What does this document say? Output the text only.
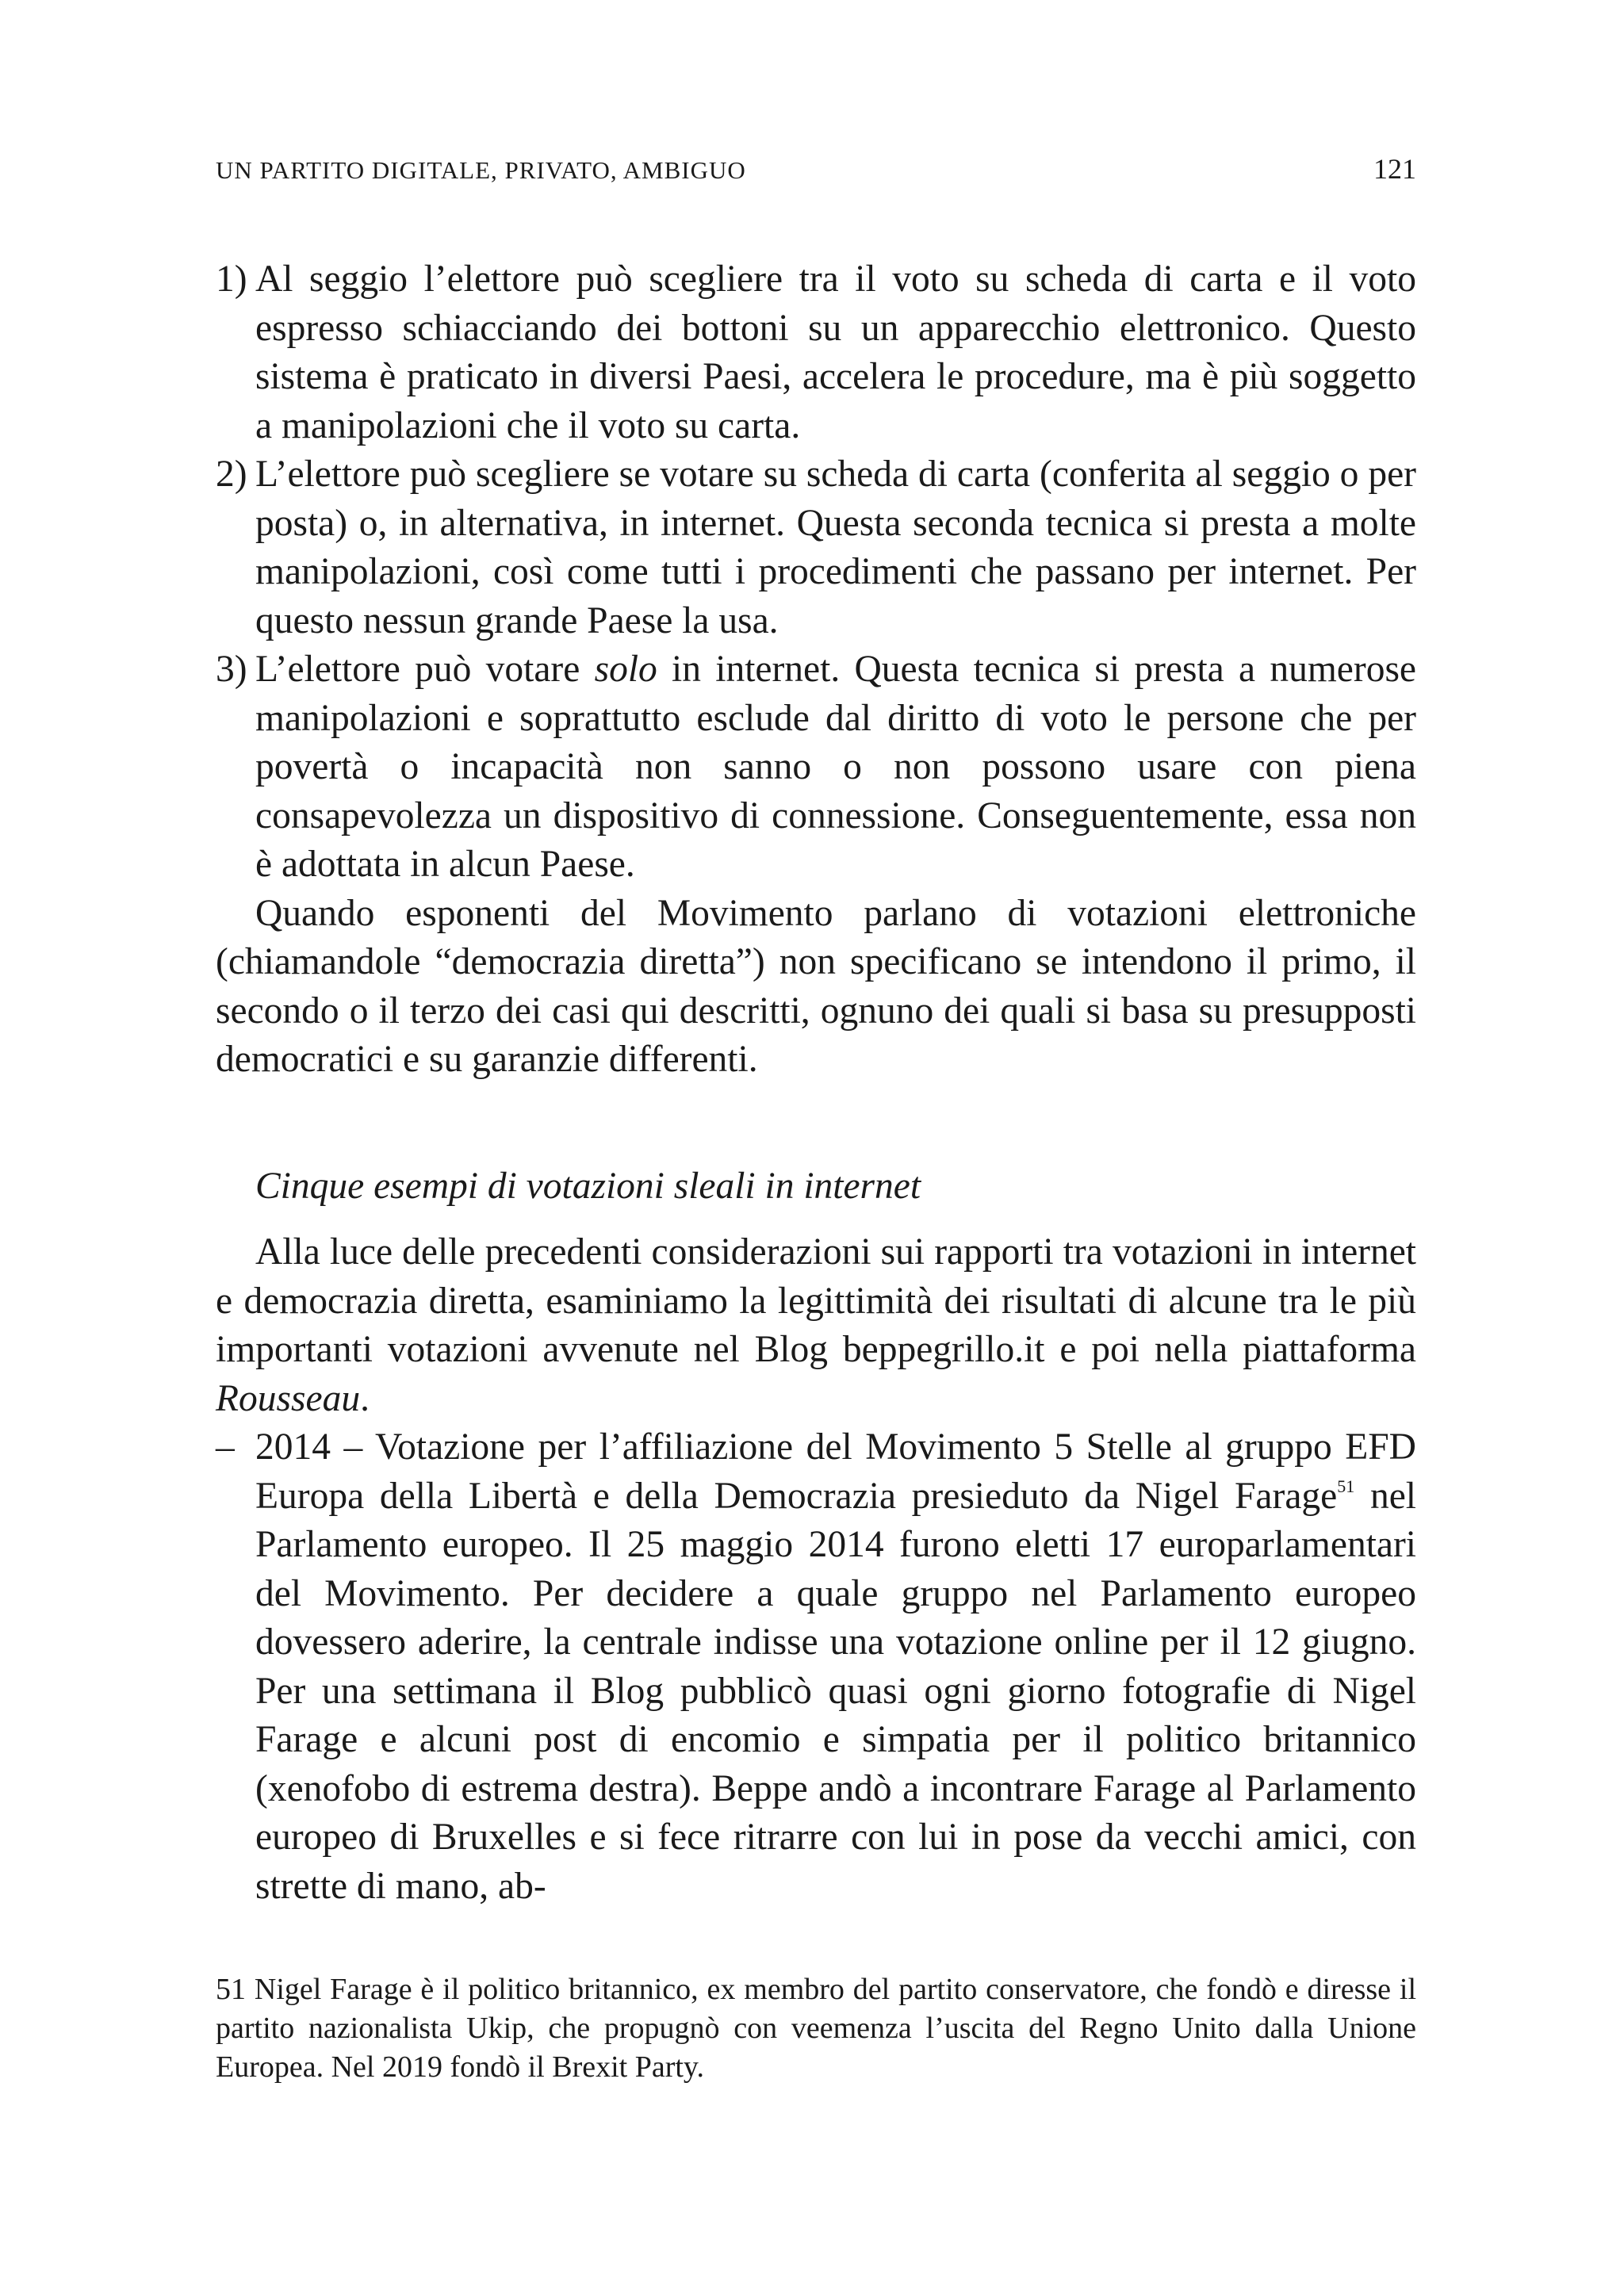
UN PARTITO DIGITALE, PRIVATO, AMBIGUO	121

1) Al seggio l’elettore può scegliere tra il voto su scheda di carta e il voto espresso schiacciando dei bottoni su un apparecchio elettronico. Questo sistema è praticato in diversi Paesi, accelera le procedure, ma è più soggetto a manipolazioni che il voto su carta.

2) L’elettore può scegliere se votare su scheda di carta (conferita al seggio o per posta) o, in alternativa, in internet. Questa seconda tecnica si presta a molte manipolazioni, così come tutti i procedimenti che passano per internet. Per questo nessun grande Paese la usa.

3) L’elettore può votare solo in internet. Questa tecnica si presta a numerose manipolazioni e soprattutto esclude dal diritto di voto le persone che per povertà o incapacità non sanno o non possono usare con piena consapevolezza un dispositivo di connessione. Conseguentemente, essa non è adottata in alcun Paese.

Quando esponenti del Movimento parlano di votazioni elettroniche (chiamandole “democrazia diretta”) non specificano se intendono il primo, il secondo o il terzo dei casi qui descritti, ognuno dei quali si basa su presupposti democratici e su garanzie differenti.

Cinque esempi di votazioni sleali in internet

Alla luce delle precedenti considerazioni sui rapporti tra votazioni in internet e democrazia diretta, esaminiamo la legittimità dei risultati di alcune tra le più importanti votazioni avvenute nel Blog beppegrillo.it e poi nella piattaforma Rousseau.

– 2014 – Votazione per l’affiliazione del Movimento 5 Stelle al gruppo EFD Europa della Libertà e della Democrazia presieduto da Nigel Farage$^{51}$ nel Parlamento europeo. Il 25 maggio 2014 furono eletti 17 europarlamentari del Movimento. Per decidere a quale gruppo nel Parlamento europeo dovessero aderire, la centrale indisse una votazione online per il 12 giugno. Per una settimana il Blog pubblicò quasi ogni giorno fotografie di Nigel Farage e alcuni post di encomio e simpatia per il politico britannico (xenofobo di estrema destra). Beppe andò a incontrare Farage al Parlamento europeo di Bruxelles e si fece ritrarre con lui in pose da vecchi amici, con strette di mano, ab-

51 Nigel Farage è il politico britannico, ex membro del partito conservatore, che fondò e diresse il partito nazionalista Ukip, che propugnò con veemenza l’uscita del Regno Unito dalla Unione Europea. Nel 2019 fondò il Brexit Party.
